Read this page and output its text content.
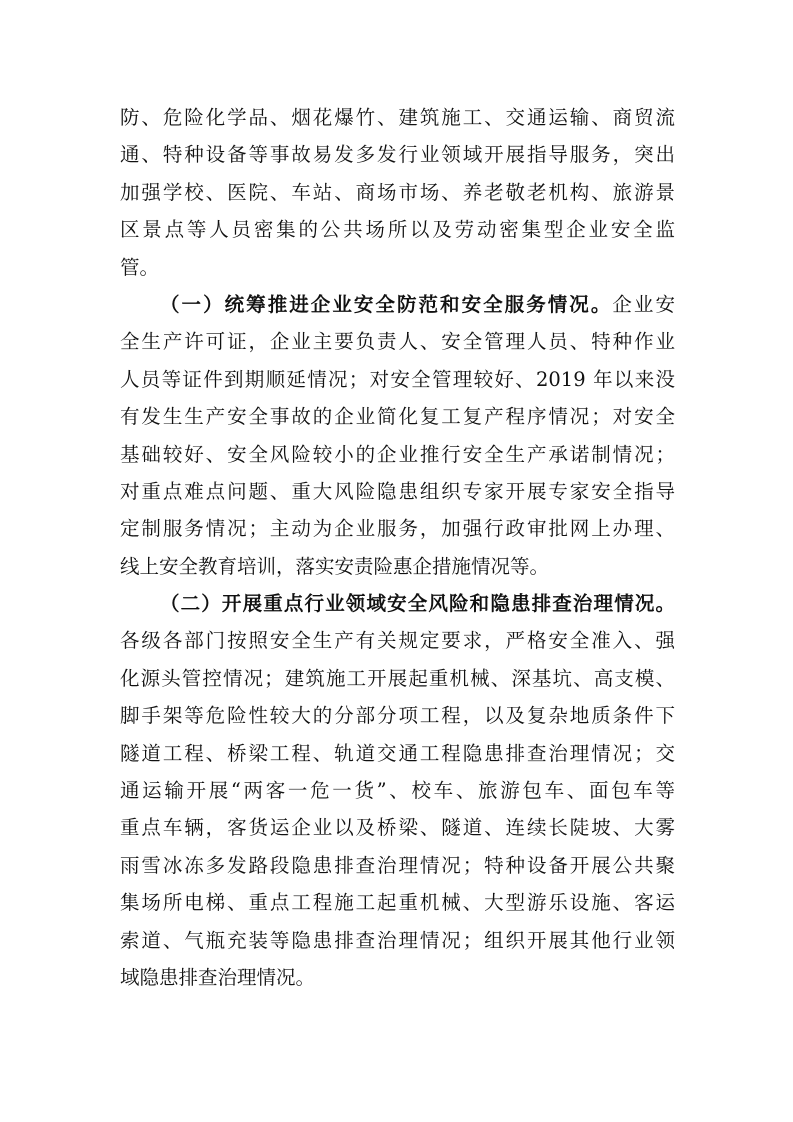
防、危险化学品、烟花爆竹、建筑施工、交通运输、商贸流
通、特种设备等事故易发多发行业领域开展指导服务，突出
加强学校、医院、车站、商场市场、养老敬老机构、旅游景
区景点等人员密集的公共场所以及劳动密集型企业安全监
管。
（一）统筹推进企业安全防范和安全服务情况。企业安
全生产许可证，企业主要负责人、安全管理人员、特种作业
人员等证件到期顺延情况；对安全管理较好、2019 年以来没
有发生生产安全事故的企业简化复工复产程序情况；对安全
基础较好、安全风险较小的企业推行安全生产承诺制情况；
对重点难点问题、重大风险隐患组织专家开展专家安全指导
定制服务情况；主动为企业服务，加强行政审批网上办理、
线上安全教育培训，落实安责险惠企措施情况等。
（二）开展重点行业领域安全风险和隐患排查治理情况。
各级各部门按照安全生产有关规定要求，严格安全准入、强
化源头管控情况；建筑施工开展起重机械、深基坑、高支模、
脚手架等危险性较大的分部分项工程，以及复杂地质条件下
隧道工程、桥梁工程、轨道交通工程隐患排查治理情况；交
通运输开展“两客一危一货”、校车、旅游包车、面包车等
重点车辆，客货运企业以及桥梁、隧道、连续长陡坡、大雾
雨雪冰冻多发路段隐患排查治理情况；特种设备开展公共聚
集场所电梯、重点工程施工起重机械、大型游乐设施、客运
索道、气瓶充装等隐患排查治理情况；组织开展其他行业领
域隐患排查治理情况。
